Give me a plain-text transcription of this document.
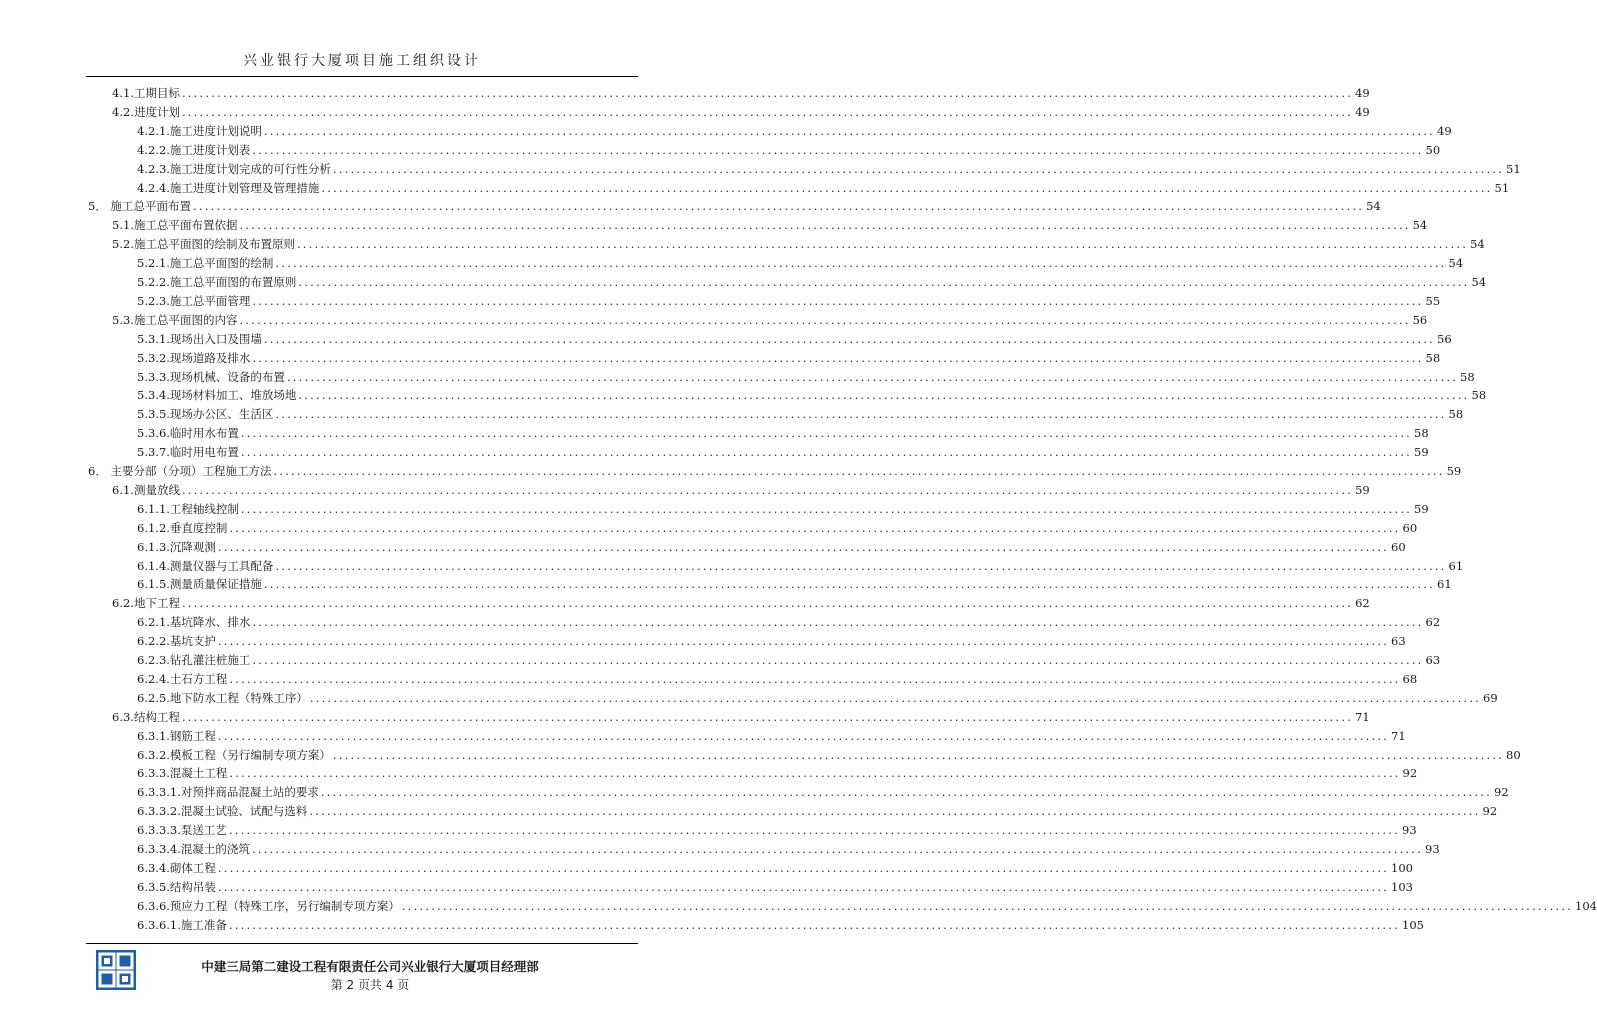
兴业银行大厦项目施工组织设计
4.1.工期目标 ........................................................................................................................................................................................................ 49
4.2.进度计划 ........................................................................................................................................................................................................ 49
4.2.1.施工进度计划说明 ........................................................................................................................................................................................................ 49
4.2.2.施工进度计划表 ........................................................................................................................................................................................................ 50
4.2.3.施工进度计划完成的可行性分析 ........................................................................................................................................................................................................ 51
4.2.4.施工进度计划管理及管理措施 ........................................................................................................................................................................................................ 51
5． 施工总平面布置 ........................................................................................................................................................................................................ 54
5.1.施工总平面布置依据 ........................................................................................................................................................................................................ 54
5.2.施工总平面图的绘制及布置原则 ........................................................................................................................................................................................................ 54
5.2.1.施工总平面图的绘制 ........................................................................................................................................................................................................ 54
5.2.2.施工总平面图的布置原则 ........................................................................................................................................................................................................ 54
5.2.3.施工总平面管理 ........................................................................................................................................................................................................ 55
5.3.施工总平面图的内容 ........................................................................................................................................................................................................ 56
5.3.1.现场出入口及围墙 ........................................................................................................................................................................................................ 56
5.3.2.现场道路及排水 ........................................................................................................................................................................................................ 58
5.3.3.现场机械、设备的布置 ........................................................................................................................................................................................................ 58
5.3.4.现场材料加工、堆放场地 ........................................................................................................................................................................................................ 58
5.3.5.现场办公区、生活区 ........................................................................................................................................................................................................ 58
5.3.6.临时用水布置 ........................................................................................................................................................................................................ 58
5.3.7.临时用电布置 ........................................................................................................................................................................................................ 59
6． 主要分部（分项）工程施工方法 ........................................................................................................................................................................................................ 59
6.1.测量放线 ........................................................................................................................................................................................................ 59
6.1.1.工程轴线控制 ........................................................................................................................................................................................................ 59
6.1.2.垂直度控制 ........................................................................................................................................................................................................ 60
6.1.3.沉降观测 ........................................................................................................................................................................................................ 60
6.1.4.测量仪器与工具配备 ........................................................................................................................................................................................................ 61
6.1.5.测量质量保证措施 ........................................................................................................................................................................................................ 61
6.2.地下工程 ........................................................................................................................................................................................................ 62
6.2.1.基坑降水、排水 ........................................................................................................................................................................................................ 62
6.2.2.基坑支护 ........................................................................................................................................................................................................ 63
6.2.3.钻孔灌注桩施工 ........................................................................................................................................................................................................ 63
6.2.4.土石方工程 ........................................................................................................................................................................................................ 68
6.2.5.地下防水工程（特殊工序） ........................................................................................................................................................................................................ 69
6.3.结构工程 ........................................................................................................................................................................................................ 71
6.3.1.钢筋工程 ........................................................................................................................................................................................................ 71
6.3.2.模板工程（另行编制专项方案） ........................................................................................................................................................................................................ 80
6.3.3.混凝土工程 ........................................................................................................................................................................................................ 92
6.3.3.1.对预拌商品混凝土站的要求 ........................................................................................................................................................................................................ 92
6.3.3.2.混凝土试验、试配与选料 ........................................................................................................................................................................................................ 92
6.3.3.3.泵送工艺 ........................................................................................................................................................................................................ 93
6.3.3.4.混凝土的浇筑 ........................................................................................................................................................................................................ 93
6.3.4.砌体工程 ........................................................................................................................................................................................................ 100
6.3.5.结构吊装 ........................................................................................................................................................................................................ 103
6.3.6.预应力工程（特殊工序，另行编制专项方案） ........................................................................................................................................................................................................ 104
6.3.6.1.施工准备 ........................................................................................................................................................................................................ 105
中建三局第二建设工程有限责任公司兴业银行大厦项目经理部
第 2 页共 4 页
